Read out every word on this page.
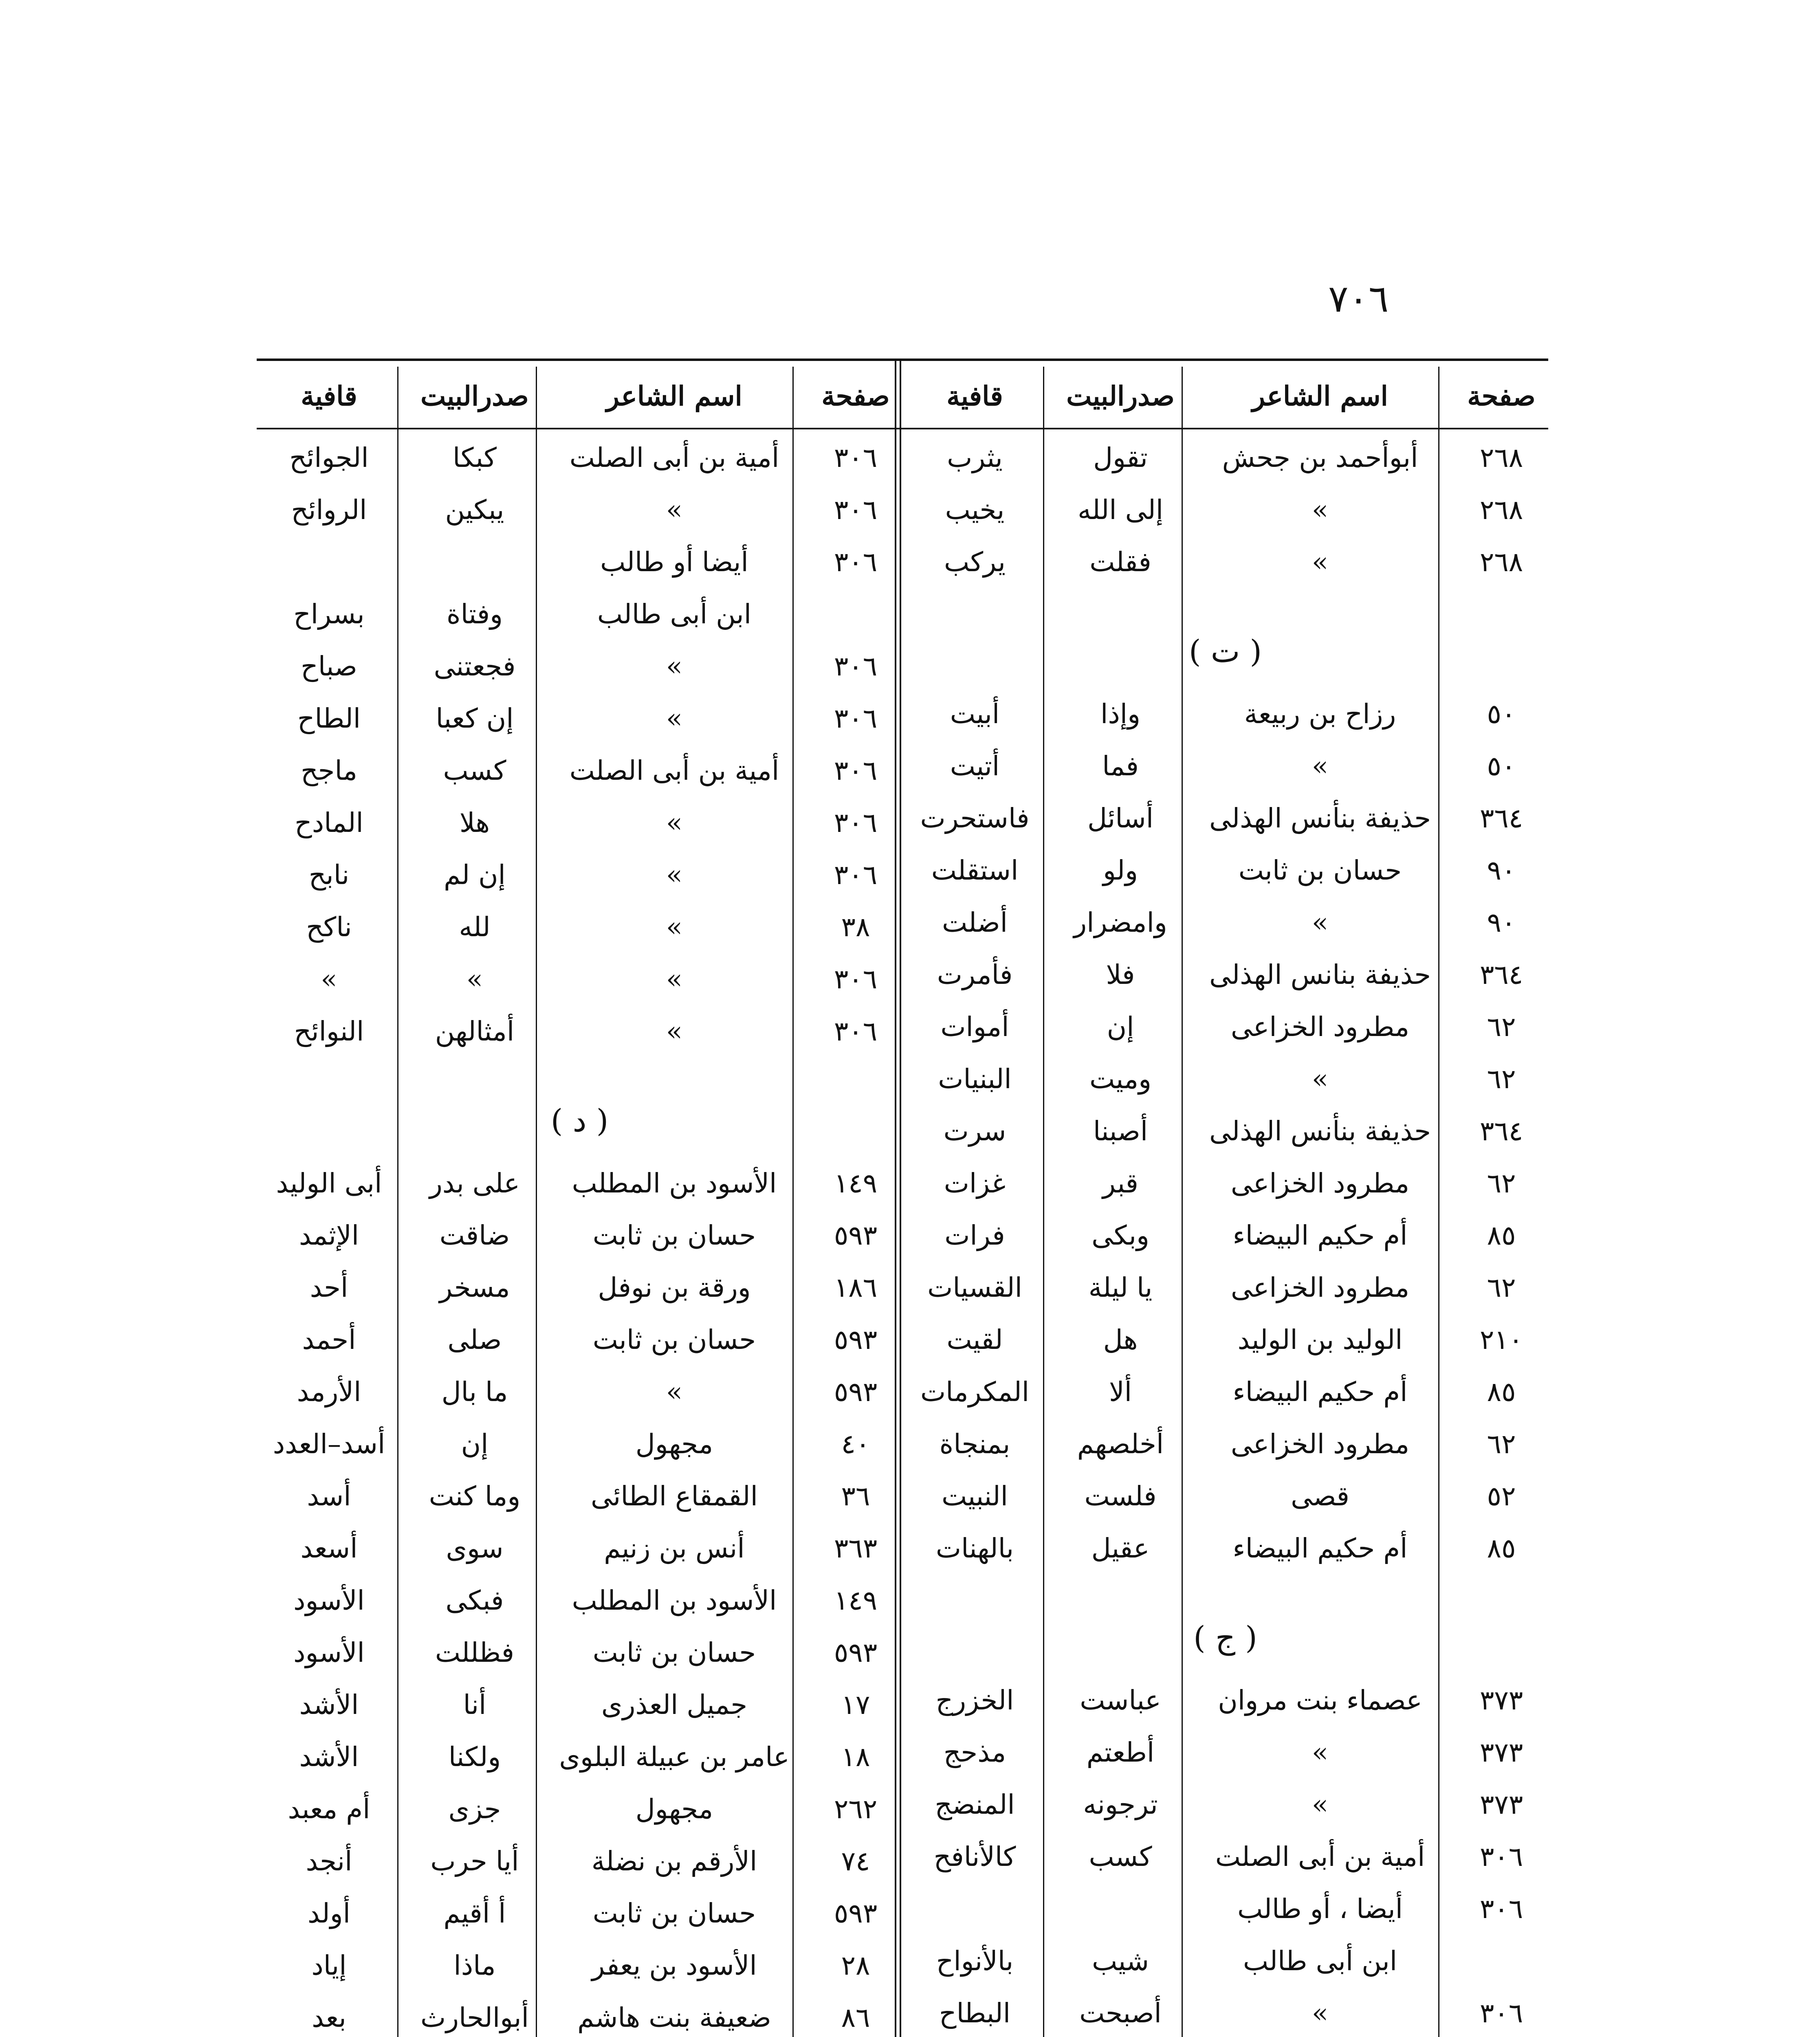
٧٠٦
صفحة
اسم الشاعر
صدرالبيت
قافية
٢٦٨
أبوأحمد بن جحش
تقول
يثرب
٢٦٨
»
إلى الله
يخيب
٢٦٨
»
فقلت
يركب
( ت )
٥٠
رزاح بن ربيعة
وإذا
أبيت
٥٠
»
فما
أتيت
٣٦٤
حذيفة بنأنس الهذلى
أسائل
فاستحرت
٩٠
حسان بن ثابت
ولو
استقلت
٩٠
»
وامضرار
أضلت
٣٦٤
حذيفة بنانس الهذلى
فلا
فأمرت
٦٢
مطرود الخزاعى
إن
أموات
٦٢
»
وميت
البنيات
٣٦٤
حذيفة بنأنس الهذلى
أصبنا
سرت
٦٢
مطرود الخزاعى
قبر
غزات
٨٥
أم حكيم البيضاء
وبكى
فرات
٦٢
مطرود الخزاعى
يا ليلة
القسيات
٢١٠
الوليد بن الوليد
هل
لقيت
٨٥
أم حكيم البيضاء
ألا
المكرمات
٦٢
مطرود الخزاعى
أخلصهم
بمنجاة
٥٢
قصى
فلست
النبيت
٨٥
أم حكيم البيضاء
عقيل
بالهنات
( ج )
٣٧٣
عصماء بنت مروان
عباست
الخزرج
٣٧٣
»
أطعتم
مذحج
٣٧٣
»
ترجونه
المنضج
٣٠٦
أمية بن أبى الصلت
كسب
كالأنافح
٣٠٦
أيضا ، أو طالب
ابن أبى طالب
شيب
بالأنواح
٣٠٦
»
أصبحت
البطاح
صفحة
اسم الشاعر
صدرالبيت
قافية
٣٠٦
أمية بن أبى الصلت
كبكا
الجوائح
٣٠٦
»
يبكين
الروائح
٣٠٦
أيضا أو طالب
ابن أبى طالب
وفتاة
بسراح
٣٠٦
»
فجعتنى
صباح
٣٠٦
»
إن كعبا
الطاح
٣٠٦
أمية بن أبى الصلت
كسب
ماجح
٣٠٦
»
هلا
المادح
٣٠٦
»
إن لم
نابح
٣٨
»
لله
ناكح
٣٠٦
»
»
»
٣٠٦
»
أمثالهن
النوائح
( د )
١٤٩
الأسود بن المطلب
على بدر
أبى الوليد
٥٩٣
حسان بن ثابت
ضاقت
الإثمد
١٨٦
ورقة بن نوفل
مسخر
أحد
٥٩٣
حسان بن ثابت
صلى
أحمد
٥٩٣
»
ما بال
الأرمد
٤٠
مجهول
إن
أسد–العدد
٣٦
القمقاع الطائى
وما كنت
أسد
٣٦٣
أنس بن زنيم
سوى
أسعد
١٤٩
الأسود بن المطلب
فبكى
الأسود
٥٩٣
حسان بن ثابت
فظللت
الأسود
١٧
جميل العذرى
أنا
الأشد
١٨
عامر بن عبيلة البلوى
ولكنا
الأشد
٢٦٢
مجهول
جزى
أم معبد
٧٤
الأرقم بن نضلة
أيا حرب
أنجد
٥٩٣
حسان بن ثابت
أ أقيم
أولد
٢٨
الأسود بن يعفر
ماذا
إياد
٨٦
ضعيفة بنت هاشم
أبوالحارث
بعد
